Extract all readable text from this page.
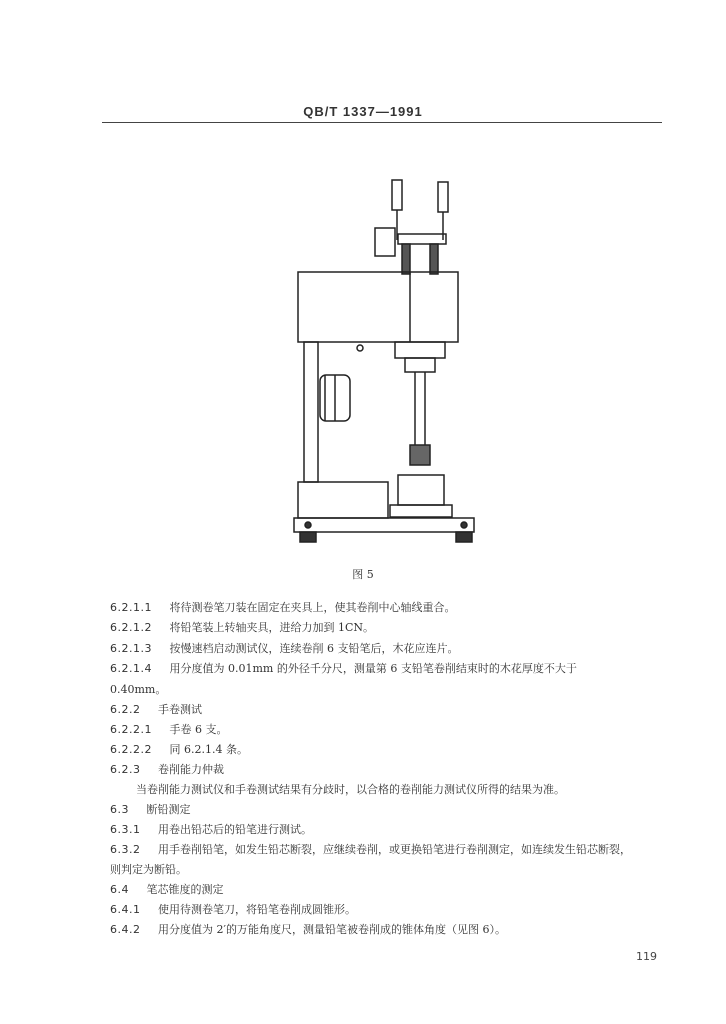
QB/T 1337—1991
图 5
6.2.1.1 将待测卷笔刀装在固定在夹具上，使其卷削中心轴线重合。
6.2.1.2 将铅笔装上转轴夹具，进给力加到 1CN。
6.2.1.3 按慢速档启动测试仪，连续卷削 6 支铅笔后，木花应连片。
6.2.1.4 用分度值为 0.01mm 的外径千分尺，测量第 6 支铅笔卷削结束时的木花厚度不大于
0.40mm。
6.2.2 手卷测试
6.2.2.1 手卷 6 支。
6.2.2.2 同 6.2.1.4 条。
6.2.3 卷削能力仲裁
当卷削能力测试仪和手卷测试结果有分歧时，以合格的卷削能力测试仪所得的结果为准。
6.3 断铅测定
6.3.1 用卷出铅芯后的铅笔进行测试。
6.3.2 用手卷削铅笔，如发生铅芯断裂，应继续卷削，或更换铅笔进行卷削测定，如连续发生铅芯断裂，
则判定为断铅。
6.4 笔芯锥度的测定
6.4.1 使用待测卷笔刀，将铅笔卷削成圆锥形。
6.4.2 用分度值为 2′的万能角度尺，测量铅笔被卷削成的锥体角度（见图 6）。
119
